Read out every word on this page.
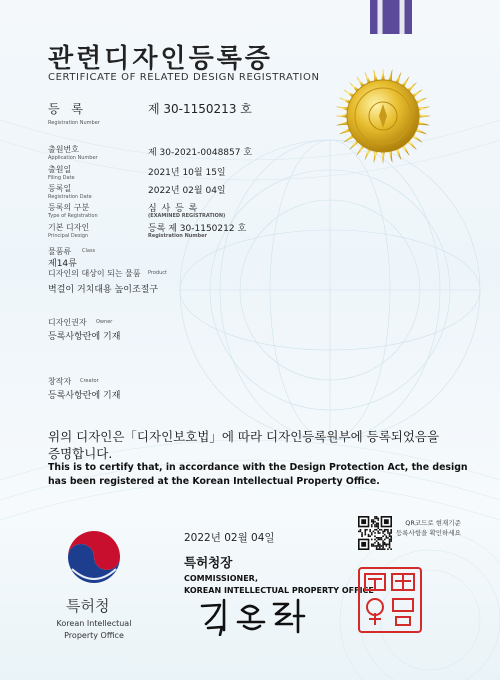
관련디자인등록증
CERTIFICATE OF RELATED DESIGN REGISTRATION
등 록
Registration Number
제 30-1150213 호
출원번호
Application Number	제 30-2021-0048857 호
출원일
Filing Date	2021년 10월 15일
등록일
Registration Date
2022년 02월 04일
등록의 구분
Type of Registration
심 사 등 록
(EXAMINED REGISTRATION)
기본 디자인
Principal Design
등록 제 30-1150212 호
Registration Number
물품류 Class
제14류
디자인의 대상이 되는 물품 Product
벽걸이 거치대용 높이조절구
디자인권자 Owner
등록사항란에 기재
창작자 Creator
등록사항란에 기재
위의 디자인은「디자인보호법」에 따라 디자인등록원부에 등록되었음을
증명합니다.
This is to certify that, in accordance with the Design Protection Act, the design
has been registered at the Korean Intellectual Property Office.
2022년 02월 04일
QR코드로 현재기준
등록사항을 확인하세요
특허청장
COMMISSIONER,
KOREAN INTELLECTUAL PROPERTY OFFICE
특허청
Korean Intellectual Property Office
